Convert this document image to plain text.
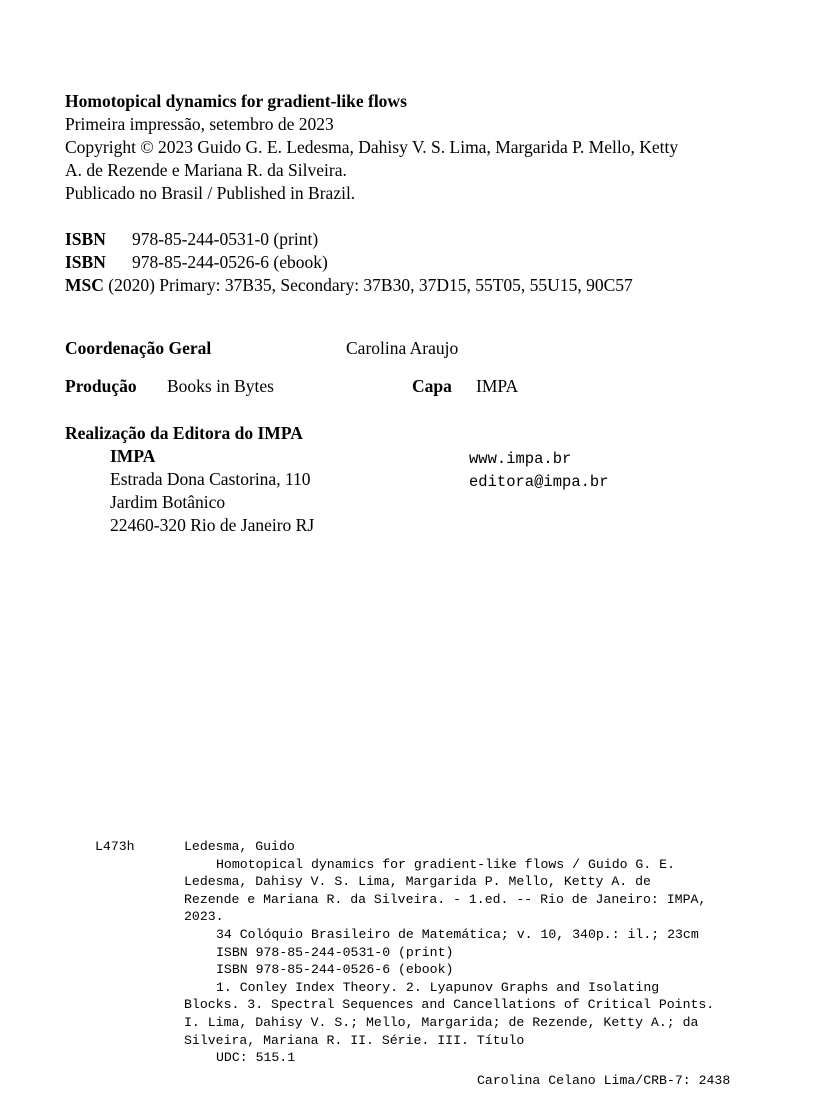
Homotopical dynamics for gradient-like flows
Primeira impressão, setembro de 2023
Copyright © 2023 Guido G. E. Ledesma, Dahisy V. S. Lima, Margarida P. Mello, Ketty
A. de Rezende e Mariana R. da Silveira.
Publicado no Brasil / Published in Brazil.
ISBN 978-85-244-0531-0 (print)
ISBN 978-85-244-0526-6 (ebook)
MSC (2020) Primary: 37B35, Secondary: 37B30, 37D15, 55T05, 55U15, 90C57
Coordenação Geral	Carolina Araujo
Produção Books in Bytes	Capa IMPA
Realização da Editora do IMPA
IMPA
Estrada Dona Castorina, 110
Jardim Botânico
22460-320 Rio de Janeiro RJ
www.impa.br
editora@impa.br
L473h	Ledesma, Guido
Homotopical dynamics for gradient-like flows / Guido G. E.
Ledesma, Dahisy V. S. Lima, Margarida P. Mello, Ketty A. de
Rezende e Mariana R. da Silveira. - 1.ed. -- Rio de Janeiro: IMPA,
2023.
34 Colóquio Brasileiro de Matemática; v. 10, 340p.: il.; 23cm
ISBN 978-85-244-0531-0 (print)
ISBN 978-85-244-0526-6 (ebook)
1. Conley Index Theory. 2. Lyapunov Graphs and Isolating
Blocks. 3. Spectral Sequences and Cancellations of Critical Points.
I. Lima, Dahisy V. S.; Mello, Margarida; de Rezende, Ketty A.; da
Silveira, Mariana R. II. Série. III. Título
UDC: 515.1
Carolina Celano Lima/CRB-7: 2438
